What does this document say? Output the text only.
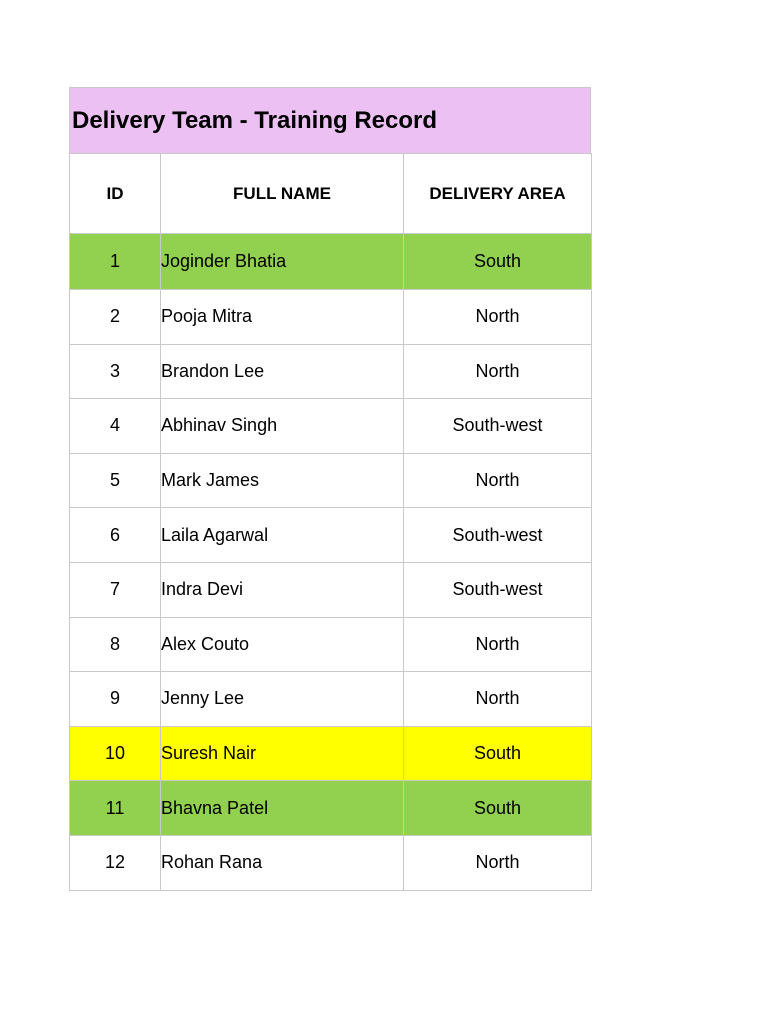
Delivery Team - Training Record
ID	FULL NAME	DELIVERY AREA
1	Joginder Bhatia	South
2	Pooja Mitra	North
3	Brandon Lee	North
4	Abhinav Singh	South-west
5	Mark James	North
6	Laila Agarwal	South-west
7	Indra Devi	South-west
8	Alex Couto	North
9	Jenny Lee	North
10	Suresh Nair	South
11	Bhavna Patel	South
12	Rohan Rana	North
